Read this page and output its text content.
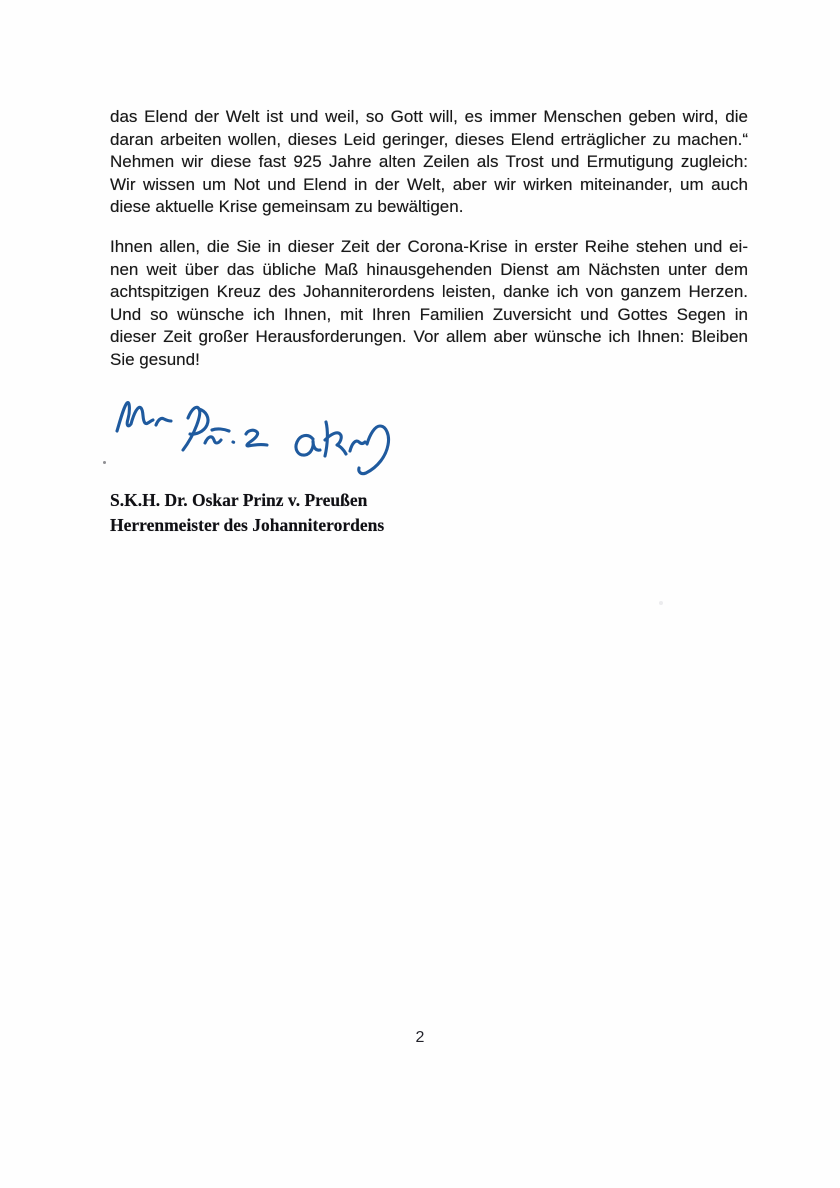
das Elend der Welt ist und weil, so Gott will, es immer Menschen geben wird, die
daran arbeiten wollen, dieses Leid geringer, dieses Elend erträglicher zu machen.“
Nehmen wir diese fast 925 Jahre alten Zeilen als Trost und Ermutigung zugleich:
Wir wissen um Not und Elend in der Welt, aber wir wirken miteinander, um auch
diese aktuelle Krise gemeinsam zu bewältigen.
Ihnen allen, die Sie in dieser Zeit der Corona-Krise in erster Reihe stehen und ei-
nen weit über das übliche Maß hinausgehenden Dienst am Nächsten unter dem
achtspitzigen Kreuz des Johanniterordens leisten, danke ich von ganzem Herzen.
Und so wünsche ich Ihnen, mit Ihren Familien Zuversicht und Gottes Segen in
dieser Zeit großer Herausforderungen. Vor allem aber wünsche ich Ihnen: Bleiben
Sie gesund!
S.K.H. Dr. Oskar Prinz v. Preußen
Herrenmeister des Johanniterordens
2
